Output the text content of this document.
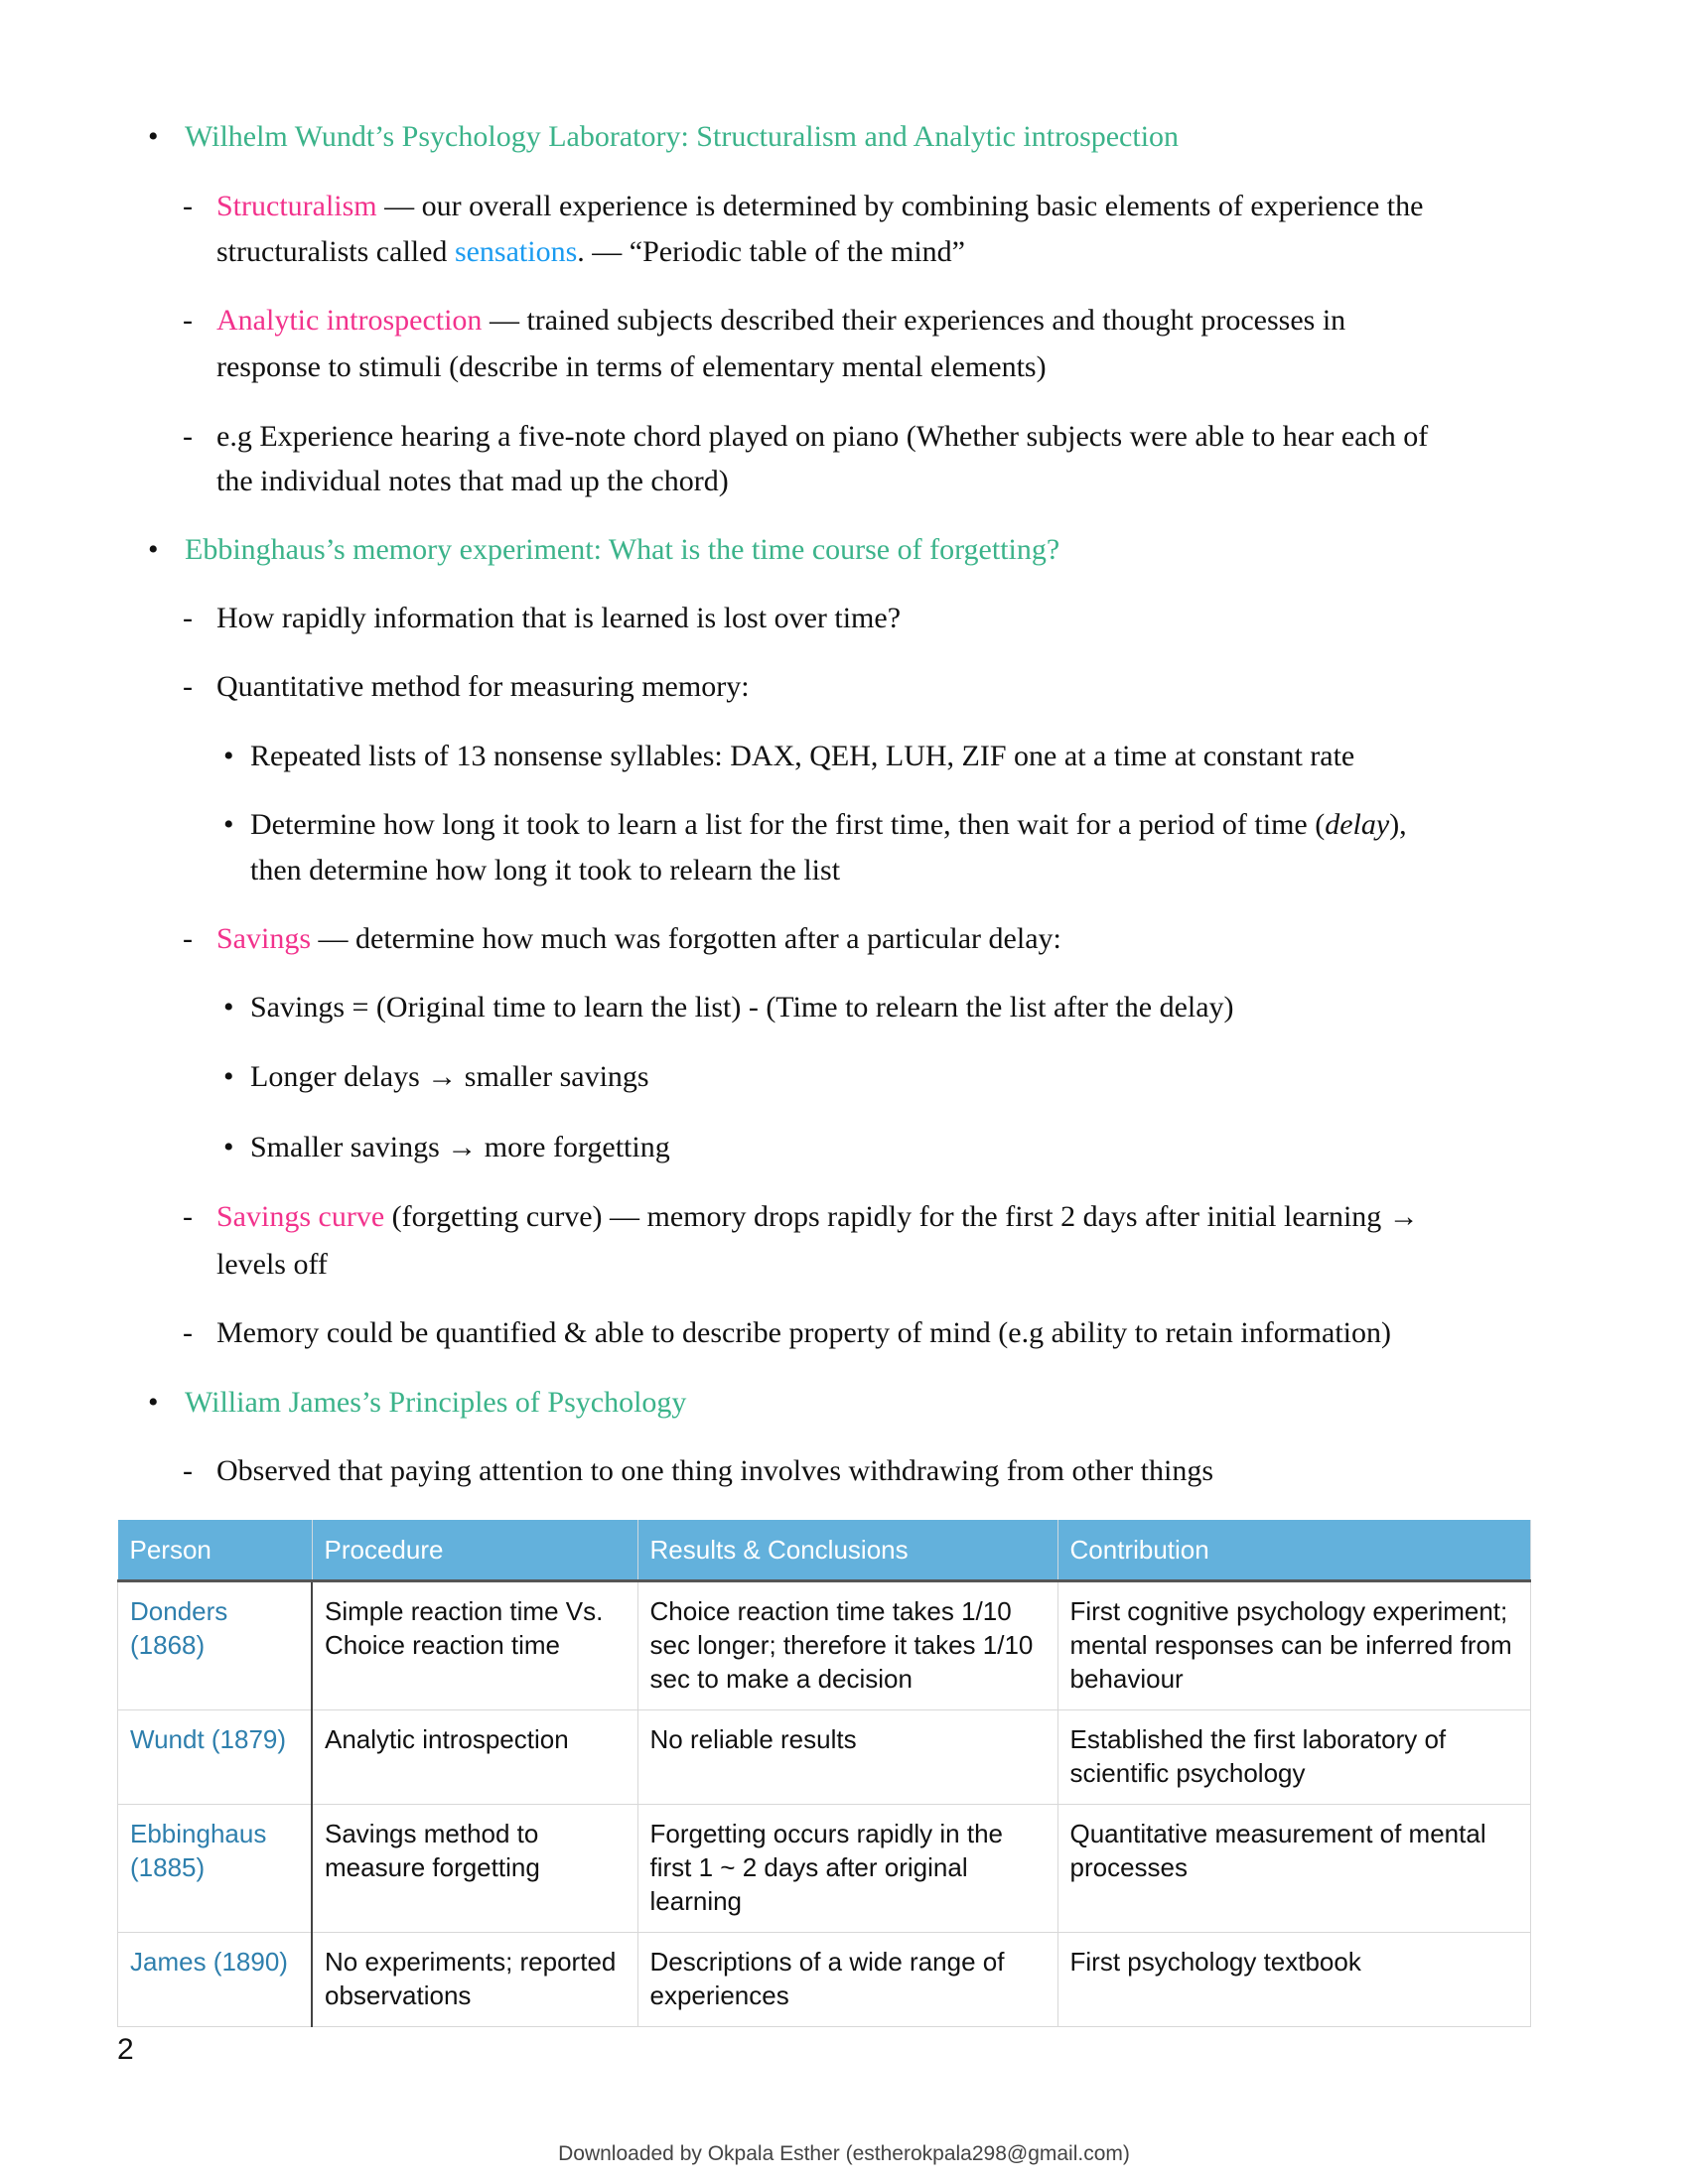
• Wilhelm Wundt’s Psychology Laboratory: Structuralism and Analytic introspection
- Structuralism — our overall experience is determined by combining basic elements of experience the
structuralists called sensations. — “Periodic table of the mind”
- Analytic introspection — trained subjects described their experiences and thought processes in
response to stimuli (describe in terms of elementary mental elements)
- e.g Experience hearing a five-note chord played on piano (Whether subjects were able to hear each of
the individual notes that mad up the chord)
• Ebbinghaus’s memory experiment: What is the time course of forgetting?
- How rapidly information that is learned is lost over time?
- Quantitative method for measuring memory:
• Repeated lists of 13 nonsense syllables: DAX, QEH, LUH, ZIF one at a time at constant rate
• Determine how long it took to learn a list for the first time, then wait for a period of time (delay),
then determine how long it took to relearn the list
- Savings — determine how much was forgotten after a particular delay:
• Savings = (Original time to learn the list) - (Time to relearn the list after the delay)
• Longer delays → smaller savings
• Smaller savings → more forgetting
- Savings curve (forgetting curve) — memory drops rapidly for the first 2 days after initial learning →
levels off
- Memory could be quantified & able to describe property of mind (e.g ability to retain information)
• William James’s Principles of Psychology
- Observed that paying attention to one thing involves withdrawing from other things
Person	Procedure	Results & Conclusions	Contribution
Donders (1868)	Simple reaction time Vs. Choice reaction time	Choice reaction time takes 1/10 sec longer; therefore it takes 1/10 sec to make a decision	First cognitive psychology experiment; mental responses can be inferred from behaviour
Wundt (1879)	Analytic introspection	No reliable results	Established the first laboratory of scientific psychology
Ebbinghaus (1885)	Savings method to measure forgetting	Forgetting occurs rapidly in the first 1 ~ 2 days after original learning	Quantitative measurement of mental processes
James (1890)	No experiments; reported observations	Descriptions of a wide range of experiences	First psychology textbook
2
Downloaded by Okpala Esther (estherokpala298@gmail.com)
